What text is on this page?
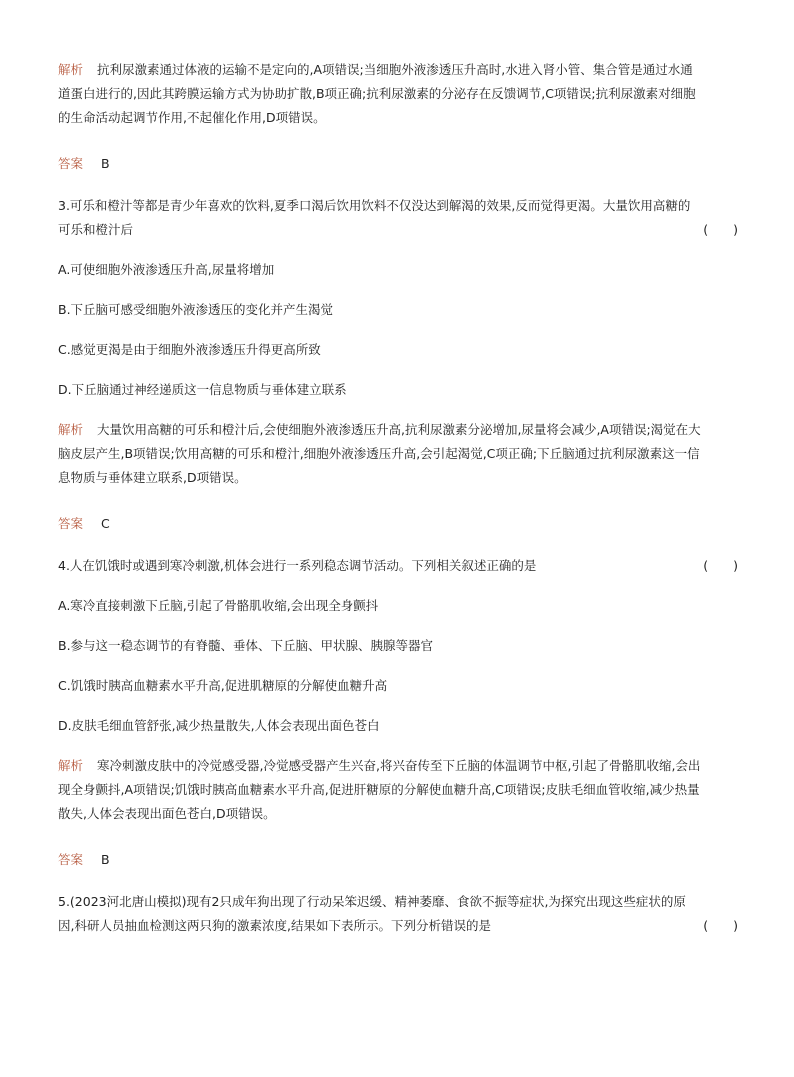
解析 抗利尿激素通过体液的运输不是定向的,A项错误;当细胞外液渗透压升高时,水进入肾小管、集合管是通过水通
道蛋白进行的,因此其跨膜运输方式为协助扩散,B项正确;抗利尿激素的分泌存在反馈调节,C项错误;抗利尿激素对细胞
的生命活动起调节作用,不起催化作用,D项错误。
答案 B
3.可乐和橙汁等都是青少年喜欢的饮料,夏季口渴后饮用饮料不仅没达到解渴的效果,反而觉得更渴。大量饮用高糖的
可乐和橙汁后	(　　)
A.可使细胞外液渗透压升高,尿量将增加
B.下丘脑可感受细胞外液渗透压的变化并产生渴觉
C.感觉更渴是由于细胞外液渗透压升得更高所致
D.下丘脑通过神经递质这一信息物质与垂体建立联系
解析 大量饮用高糖的可乐和橙汁后,会使细胞外液渗透压升高,抗利尿激素分泌增加,尿量将会减少,A项错误;渴觉在大
脑皮层产生,B项错误;饮用高糖的可乐和橙汁,细胞外液渗透压升高,会引起渴觉,C项正确;下丘脑通过抗利尿激素这一信
息物质与垂体建立联系,D项错误。
答案 C
4.人在饥饿时或遇到寒冷刺激,机体会进行一系列稳态调节活动。下列相关叙述正确的是	(　　)
A.寒冷直接刺激下丘脑,引起了骨骼肌收缩,会出现全身颤抖
B.参与这一稳态调节的有脊髓、垂体、下丘脑、甲状腺、胰腺等器官
C.饥饿时胰高血糖素水平升高,促进肌糖原的分解使血糖升高
D.皮肤毛细血管舒张,减少热量散失,人体会表现出面色苍白
解析 寒冷刺激皮肤中的冷觉感受器,冷觉感受器产生兴奋,将兴奋传至下丘脑的体温调节中枢,引起了骨骼肌收缩,会出
现全身颤抖,A项错误;饥饿时胰高血糖素水平升高,促进肝糖原的分解使血糖升高,C项错误;皮肤毛细血管收缩,减少热量
散失,人体会表现出面色苍白,D项错误。
答案 B
5.(2023河北唐山模拟)现有2只成年狗出现了行动呆笨迟缓、精神萎靡、食欲不振等症状,为探究出现这些症状的原
因,科研人员抽血检测这两只狗的激素浓度,结果如下表所示。下列分析错误的是	(　　)
